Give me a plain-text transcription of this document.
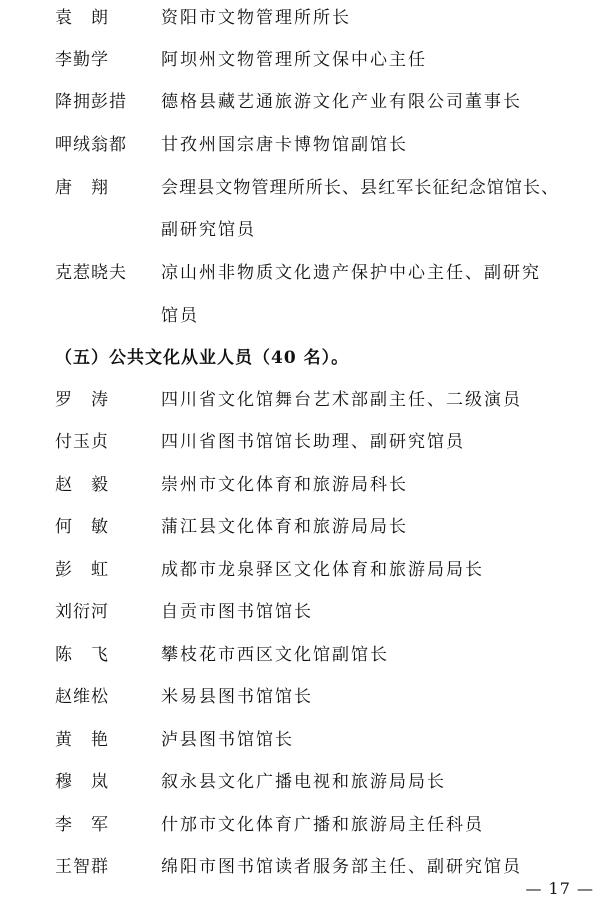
袁　朗	资阳市文物管理所所长
李勤学	阿坝州文物管理所文保中心主任
降拥彭措 德格县藏艺通旅游文化产业有限公司董事长
呷绒翁都 甘孜州国宗唐卡博物馆副馆长
唐　翔	会理县文物管理所所长、县红军长征纪念馆馆长、
副研究馆员
克惹晓夫 凉山州非物质文化遗产保护中心主任、副研究
馆员
（五）公共文化从业人员（40 名）。
罗　涛	四川省文化馆舞台艺术部副主任、二级演员
付玉贞	四川省图书馆馆长助理、副研究馆员
赵　毅	崇州市文化体育和旅游局科长
何　敏	蒲江县文化体育和旅游局局长
彭　虹	成都市龙泉驿区文化体育和旅游局局长
刘衍河	自贡市图书馆馆长
陈　飞	攀枝花市西区文化馆副馆长
赵维松	米易县图书馆馆长
黄　艳	泸县图书馆馆长
穆　岚	叙永县文化广播电视和旅游局局长
李　军	什邡市文化体育广播和旅游局主任科员
王智群	绵阳市图书馆读者服务部主任、副研究馆员
— 17 —
